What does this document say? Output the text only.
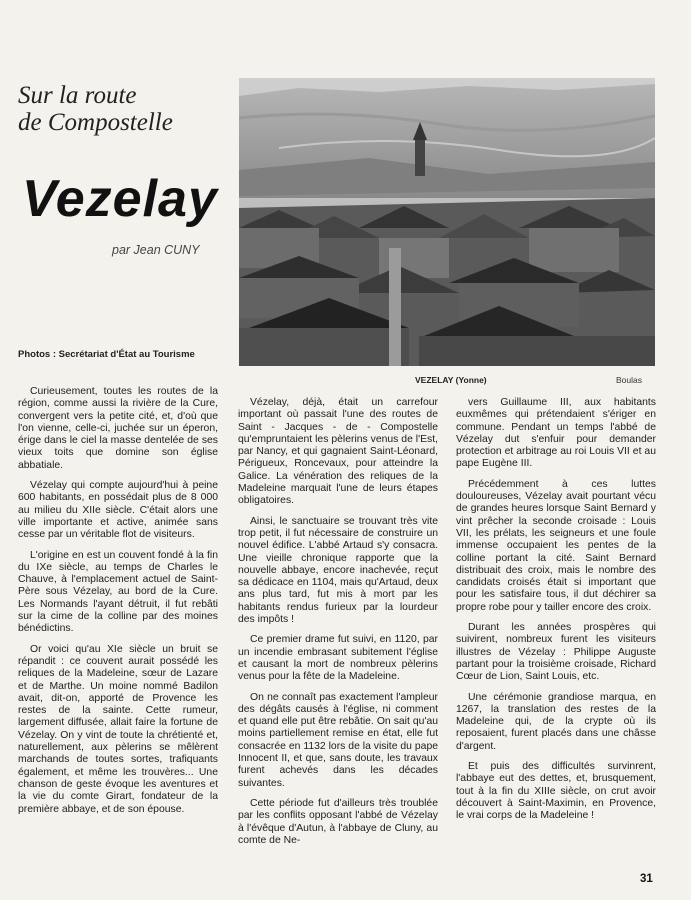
Sur la route
de Compostelle
Vezelay
par Jean CUNY
Photos : Secrétariat d'État au Tourisme
VEZELAY (Yonne)	Boulas

Curieusement, toutes les routes de la région, comme aussi la rivière de la Cure, convergent vers la petite cité, et, d'où que l'on vienne, celle-ci, juchée sur un éperon, érige dans le ciel la masse dentelée de ses vieux toits que domine son église abbatiale.

Vézelay qui compte aujourd'hui à peine 600 habitants, en possédait plus de 8 000 au milieu du XIIe siècle. C'était alors une ville importante et active, animée sans cesse par un véritable flot de visiteurs.

L'origine en est un couvent fondé à la fin du IXe siècle, au temps de Charles le Chauve, à l'emplacement actuel de Saint-Père sous Vézelay, au bord de la Cure. Les Normands l'ayant détruit, il fut rebâti sur la cime de la colline par des moines bénédictins.

Or voici qu'au XIe siècle un bruit se répandit : ce couvent aurait possédé les reliques de la Madeleine, sœur de Lazare et de Marthe. Un moine nommé Badilon avait, dit-on, apporté de Provence les restes de la sainte. Cette rumeur, largement diffusée, allait faire la fortune de Vézelay. On y vint de toute la chrétienté et, naturellement, aux pèlerins se mêlèrent marchands de toutes sortes, trafiquants également, et même les trouvères... Une chanson de geste évoque les aventures et la vie du comte Girart, fondateur de la première abbaye, et de son épouse.

Vézelay, déjà, était un carrefour important où passait l'une des routes de Saint - Jacques - de - Compostelle qu'empruntaient les pèlerins venus de l'Est, par Nancy, et qui gagnaient Saint-Léonard, Périgueux, Roncevaux, pour atteindre la Galice. La vénération des reliques de la Madeleine marquait l'une de leurs étapes obligatoires.

Ainsi, le sanctuaire se trouvant très vite trop petit, il fut nécessaire de construire un nouvel édifice. L'abbé Artaud s'y consacra. Une vieille chronique rapporte que la nouvelle abbaye, encore inachevée, reçut sa dédicace en 1104, mais qu'Artaud, deux ans plus tard, fut mis à mort par les habitants rendus furieux par la lourdeur des impôts !

Ce premier drame fut suivi, en 1120, par un incendie embrasant subitement l'église et causant la mort de nombreux pèlerins venus pour la fête de la Madeleine.

On ne connaît pas exactement l'ampleur des dégâts causés à l'église, ni comment et quand elle put être rebâtie. On sait qu'au moins partiellement remise en état, elle fut consacrée en 1132 lors de la visite du pape Innocent II, et que, sans doute, les travaux furent achevés dans les décades suivantes.

Cette période fut d'ailleurs très troublée par les conflits opposant l'abbé de Vézelay à l'évêque d'Autun, à l'abbaye de Cluny, au comte de Ne-

vers Guillaume III, aux habitants euxmêmes qui prétendaient s'ériger en commune. Pendant un temps l'abbé de Vézelay dut s'enfuir pour demander protection et arbitrage au roi Louis VII et au pape Eugène III.

Précédemment à ces luttes douloureuses, Vézelay avait pourtant vécu de grandes heures lorsque Saint Bernard y vint prêcher la seconde croisade : Louis VII, les prélats, les seigneurs et une foule immense occupaient les pentes de la colline portant la cité. Saint Bernard distribuait des croix, mais le nombre des candidats croisés était si important que pour les satisfaire tous, il dut déchirer sa propre robe pour y tailler encore des croix.

Durant les années prospères qui suivirent, nombreux furent les visiteurs illustres de Vézelay : Philippe Auguste partant pour la troisième croisade, Richard Cœur de Lion, Saint Louis, etc.

Une cérémonie grandiose marqua, en 1267, la translation des restes de la Madeleine qui, de la crypte où ils reposaient, furent placés dans une châsse d'argent.

Et puis des difficultés survinrent, l'abbaye eut des dettes, et, brusquement, tout à la fin du XIIIe siècle, on crut avoir découvert à Saint-Maximin, en Provence, le vrai corps de la Madeleine !

31
